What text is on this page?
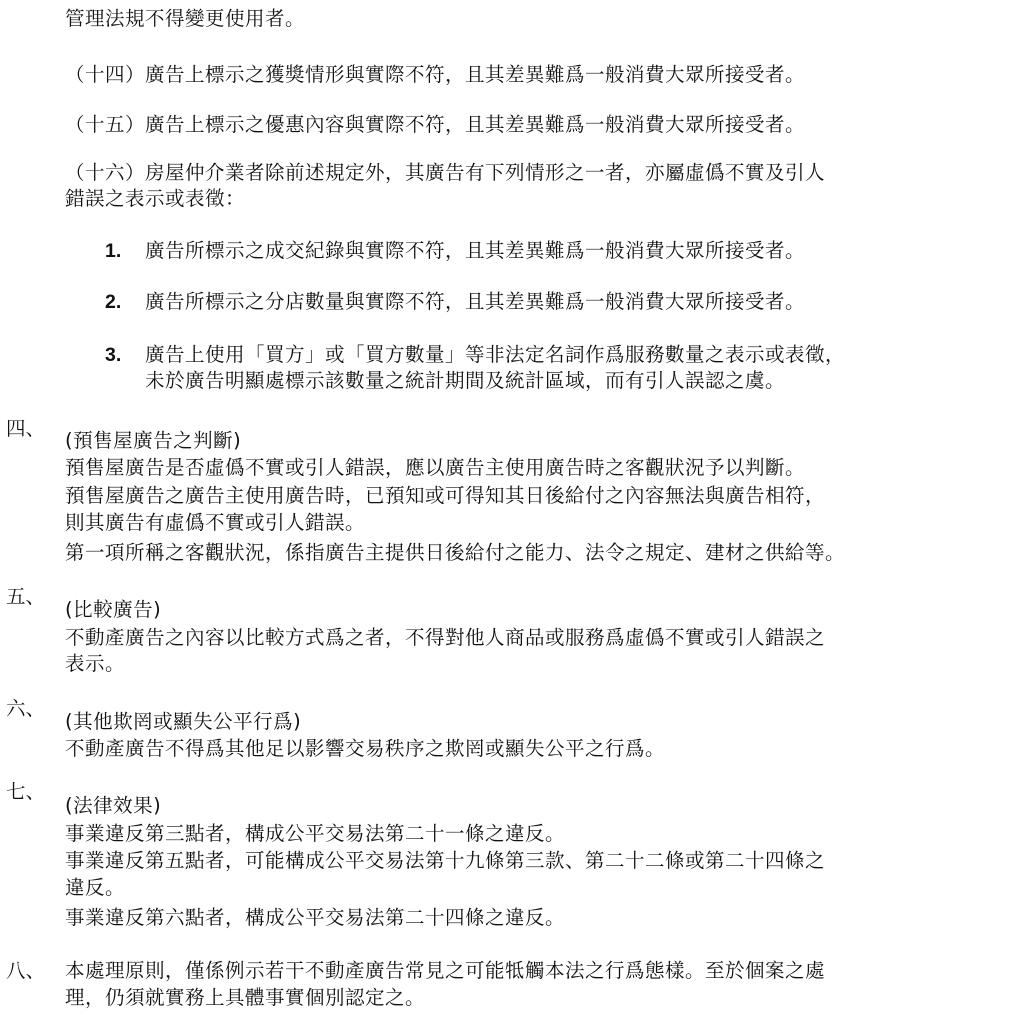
管理法規不得變更使用者。
（十四）廣告上標示之獲獎情形與實際不符，且其差異難爲一般消費大眾所接受者。
（十五）廣告上標示之優惠內容與實際不符，且其差異難爲一般消費大眾所接受者。
（十六）房屋仲介業者除前述規定外，其廣告有下列情形之一者，亦屬虛僞不實及引人
錯誤之表示或表徵：
1. 廣告所標示之成交紀錄與實際不符，且其差異難爲一般消費大眾所接受者。
2. 廣告所標示之分店數量與實際不符，且其差異難爲一般消費大眾所接受者。
3. 廣告上使用「買方」或「買方數量」等非法定名詞作爲服務數量之表示或表徵，
未於廣告明顯處標示該數量之統計期間及統計區域，而有引人誤認之虞。
四、
(預售屋廣告之判斷)
預售屋廣告是否虛僞不實或引人錯誤，應以廣告主使用廣告時之客觀狀況予以判斷。
預售屋廣告之廣告主使用廣告時，已預知或可得知其日後給付之內容無法與廣告相符，
則其廣告有虛僞不實或引人錯誤。
第一項所稱之客觀狀況，係指廣告主提供日後給付之能力、法令之規定、建材之供給等。
五、
(比較廣告)
不動產廣告之內容以比較方式爲之者，不得對他人商品或服務爲虛僞不實或引人錯誤之
表示。
六、
(其他欺罔或顯失公平行爲)
不動產廣告不得爲其他足以影響交易秩序之欺罔或顯失公平之行爲。
七、
(法律效果)
事業違反第三點者，構成公平交易法第二十一條之違反。
事業違反第五點者，可能構成公平交易法第十九條第三款、第二十二條或第二十四條之
違反。
事業違反第六點者，構成公平交易法第二十四條之違反。
八、 本處理原則，僅係例示若干不動產廣告常見之可能牴觸本法之行爲態樣。至於個案之處
理，仍須就實務上具體事實個別認定之。
